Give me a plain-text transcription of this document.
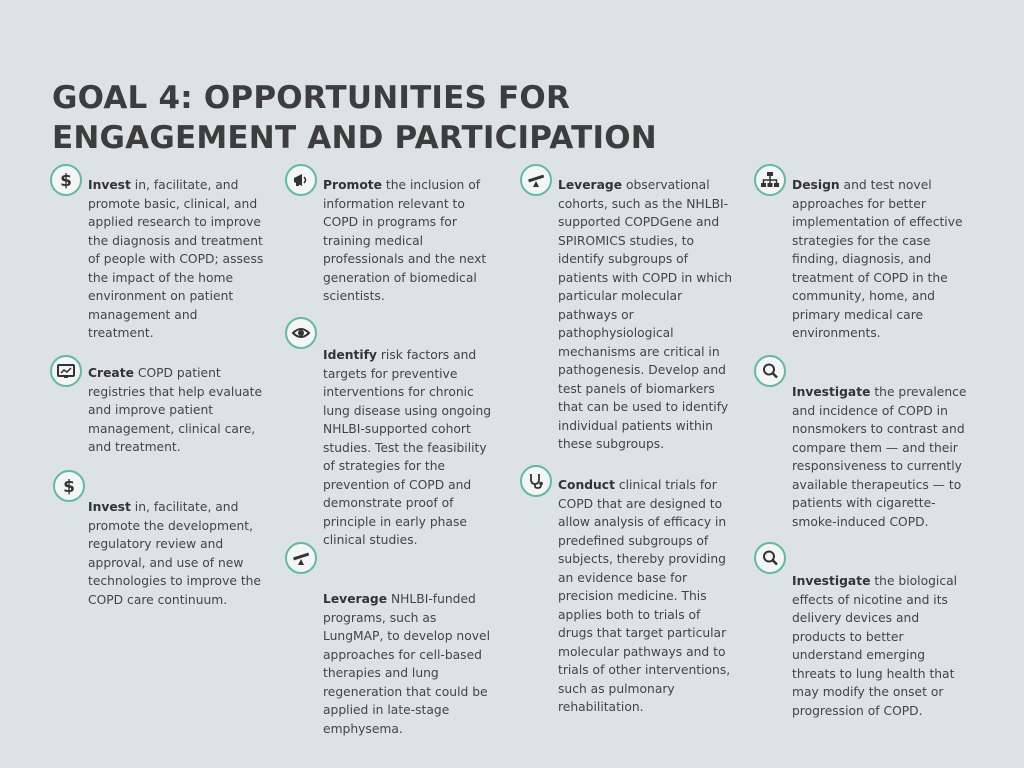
GOAL 4: OPPORTUNITIES FOR
ENGAGEMENT AND PARTICIPATION
$ Invest in, facilitate, and promote basic, clinical, and applied research to improve the diagnosis and treatment of people with COPD; assess the impact of the home environment on patient management and treatment.

Create COPD patient registries that help evaluate and improve patient management, clinical care, and treatment.

$

Invest in, facilitate, and promote the development, regulatory review and approval, and use of new technologies to improve the COPD care continuum.

Promote the inclusion of information relevant to COPD in programs for training medical professionals and the next generation of biomedical scientists.

Identify risk factors and targets for preventive interventions for chronic lung disease using ongoing NHLBI-supported cohort studies. Test the feasibility of strategies for the prevention of COPD and demonstrate proof of principle in early phase clinical studies.

Leverage NHLBI-funded programs, such as LungMAP, to develop novel approaches for cell-based therapies and lung regeneration that could be applied in late-stage emphysema.

Leverage observational cohorts, such as the NHLBI-supported COPDGene and SPIROMICS studies, to identify subgroups of patients with COPD in which particular molecular pathways or pathophysiological mechanisms are critical in pathogenesis. Develop and test panels of biomarkers that can be used to identify individual patients within these subgroups.

Conduct clinical trials for COPD that are designed to allow analysis of efficacy in predefined subgroups of subjects, thereby providing an evidence base for precision medicine. This applies both to trials of drugs that target particular molecular pathways and to trials of other interventions, such as pulmonary rehabilitation.

Design and test novel approaches for better implementation of effective strategies for the case finding, diagnosis, and treatment of COPD in the community, home, and primary medical care environments.

Investigate the prevalence and incidence of COPD in nonsmokers to contrast and compare them — and their responsiveness to currently available therapeutics — to patients with cigarette-smoke-induced COPD.

Investigate the biological effects of nicotine and its delivery devices and products to better understand emerging threats to lung health that may modify the onset or progression of COPD.
